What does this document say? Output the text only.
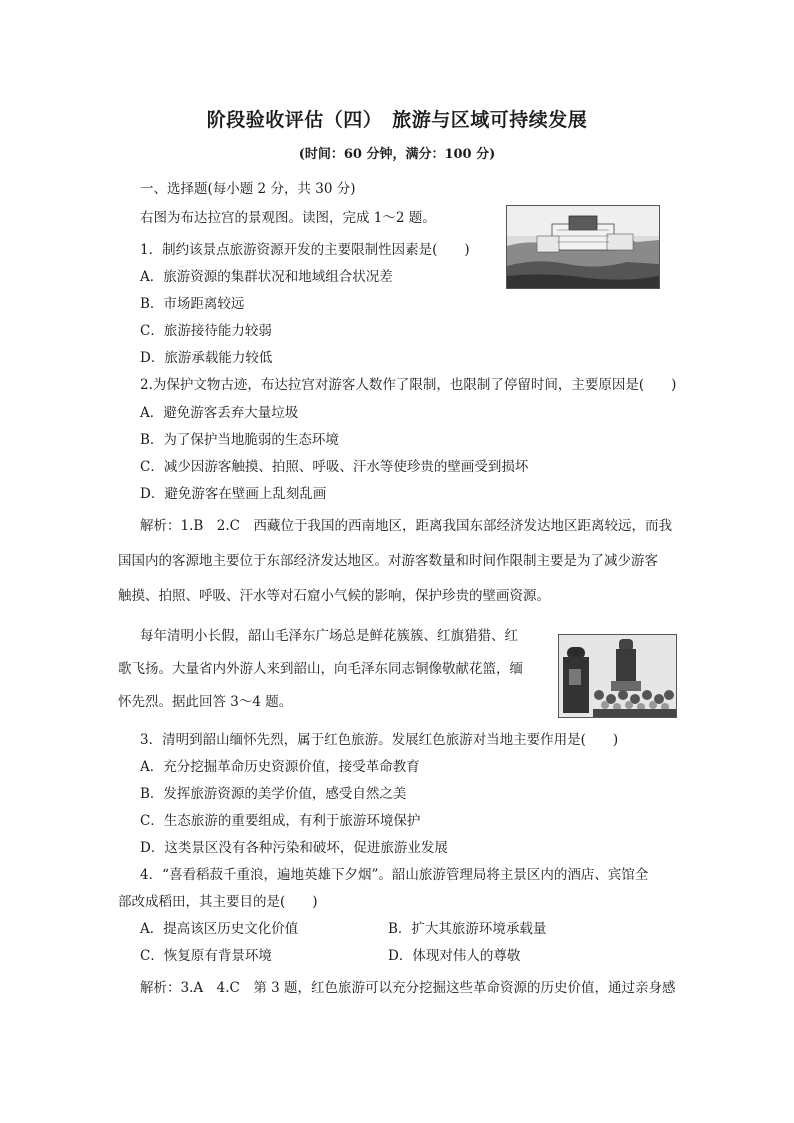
阶段验收评估（四）　旅游与区域可持续发展
(时间：60 分钟，满分：100 分)
一、选择题(每小题 2 分，共 30 分)
右图为布达拉宫的景观图。读图，完成 1～2 题。
1．制约该景点旅游资源开发的主要限制性因素是(　　)
A．旅游资源的集群状况和地域组合状况差
B．市场距离较远
C．旅游接待能力较弱
D．旅游承载能力较低
2.为保护文物古迹，布达拉宫对游客人数作了限制，也限制了停留时间，主要原因是(　　)
A．避免游客丢弃大量垃圾
B．为了保护当地脆弱的生态环境
C．减少因游客触摸、拍照、呼吸、汗水等使珍贵的壁画受到损坏
D．避免游客在壁画上乱刻乱画
解析：1.B　2.C　西藏位于我国的西南地区，距离我国东部经济发达地区距离较远，而我
国国内的客源地主要位于东部经济发达地区。对游客数量和时间作限制主要是为了减少游客
触摸、拍照、呼吸、汗水等对石窟小气候的影响，保护珍贵的壁画资源。
每年清明小长假，韶山毛泽东广场总是鲜花簇簇、红旗猎猎、红
歌飞扬。大量省内外游人来到韶山，向毛泽东同志铜像敬献花篮，缅
怀先烈。据此回答 3～4 题。
3．清明到韶山缅怀先烈，属于红色旅游。发展红色旅游对当地主要作用是(　　)
A．充分挖掘革命历史资源价值，接受革命教育
B．发挥旅游资源的美学价值，感受自然之美
C．生态旅游的重要组成，有利于旅游环境保护
D．这类景区没有各种污染和破坏，促进旅游业发展
4．“喜看稻菽千重浪，遍地英雄下夕烟”。韶山旅游管理局将主景区内的酒店、宾馆全
部改成稻田，其主要目的是(　　)
A．提高该区历史文化价值	B．扩大其旅游环境承载量
C．恢复原有背景环境	D．体现对伟人的尊敬
解析：3.A　4.C　第 3 题，红色旅游可以充分挖掘这些革命资源的历史价值，通过亲身感
